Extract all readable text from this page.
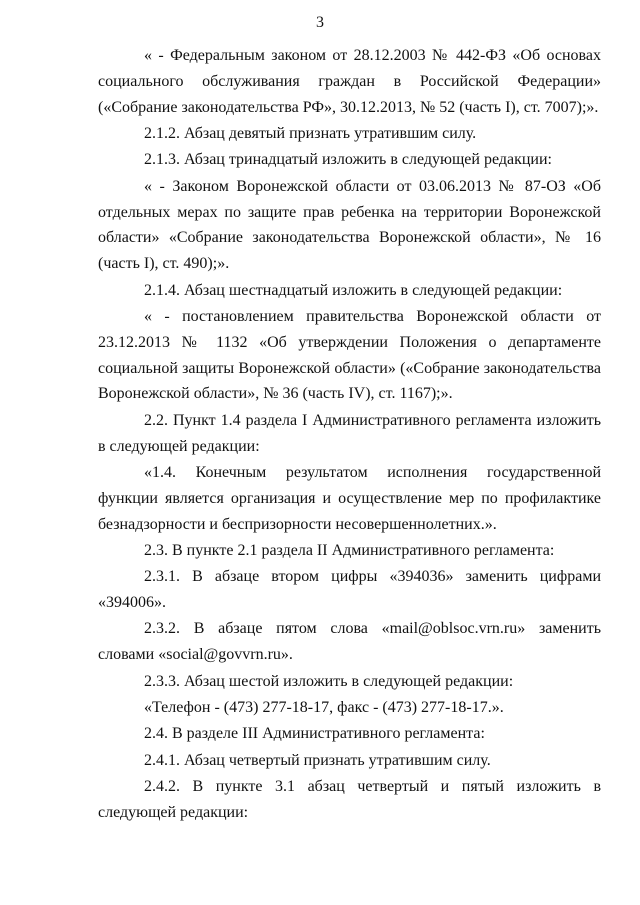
3

« - Федеральным законом от 28.12.2003 № 442-ФЗ «Об основах социального обслуживания граждан в Российской Федерации» («Собрание законодательства РФ», 30.12.2013, № 52 (часть I), ст. 7007);».

2.1.2. Абзац девятый признать утратившим силу.

2.1.3. Абзац тринадцатый изложить в следующей редакции:

« - Законом Воронежской области от 03.06.2013 № 87-ОЗ «Об отдельных мерах по защите прав ребенка на территории Воронежской области» «Собрание законодательства Воронежской области», № 16 (часть I), ст. 490);».

2.1.4. Абзац шестнадцатый изложить в следующей редакции:

« - постановлением правительства Воронежской области от 23.12.2013 № 1132 «Об утверждении Положения о департаменте социальной защиты Воронежской области» («Собрание законодательства Воронежской области», № 36 (часть IV), ст. 1167);».

2.2. Пункт 1.4 раздела I Административного регламента изложить в следующей редакции:

«1.4. Конечным результатом исполнения государственной функции является организация и осуществление мер по профилактике безнадзорности и беспризорности несовершеннолетних.».

2.3. В пункте 2.1 раздела II Административного регламента:

2.3.1. В абзаце втором цифры «394036» заменить цифрами «394006».

2.3.2. В абзаце пятом слова «mail@oblsoc.vrn.ru» заменить словами «social@govvrn.ru».

2.3.3. Абзац шестой изложить в следующей редакции:

«Телефон - (473) 277-18-17, факс - (473) 277-18-17.».

2.4. В разделе III Административного регламента:

2.4.1. Абзац четвертый признать утратившим силу.

2.4.2. В пункте 3.1 абзац четвертый и пятый изложить в следующей редакции:
